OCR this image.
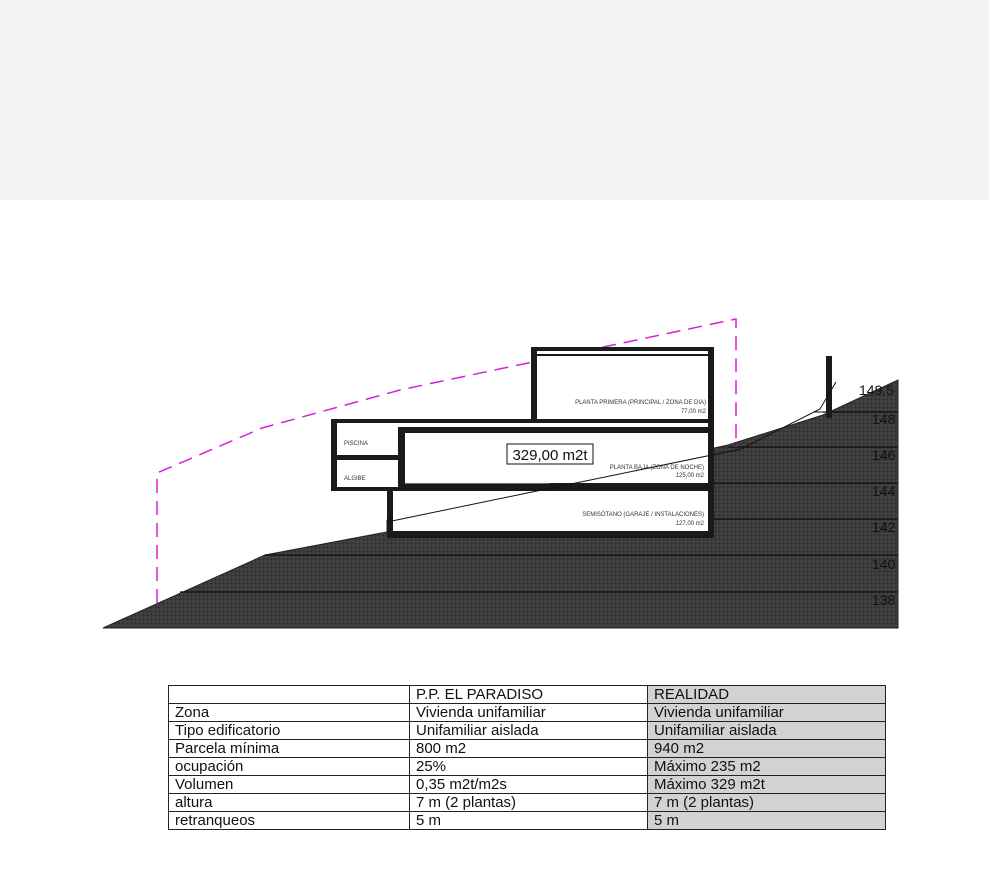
149.5
148
146
144
142
140
138
PISCINA
ALGIBE
PLANTA PRIMERA (PRINCIPAL / ZONA DE DIA)
77,00 m2
PLANTA BAJA (ZONA DE NOCHE)
125,00 m2
SEMISÓTANO (GARAJE / INSTALACIONES)
127,00 m2
329,00 m2t
	P.P. EL PARADISO	REALIDAD
Zona	Vivienda unifamiliar	Vivienda unifamiliar
Tipo edificatorio	Unifamiliar aislada	Unifamiliar aislada
Parcela mínima	800 m2	940 m2
ocupación	25%	Máximo 235 m2
Volumen	0,35 m2t/m2s	Máximo 329 m2t
altura	7 m (2 plantas)	7 m (2 plantas)
retranqueos	5 m	5 m
